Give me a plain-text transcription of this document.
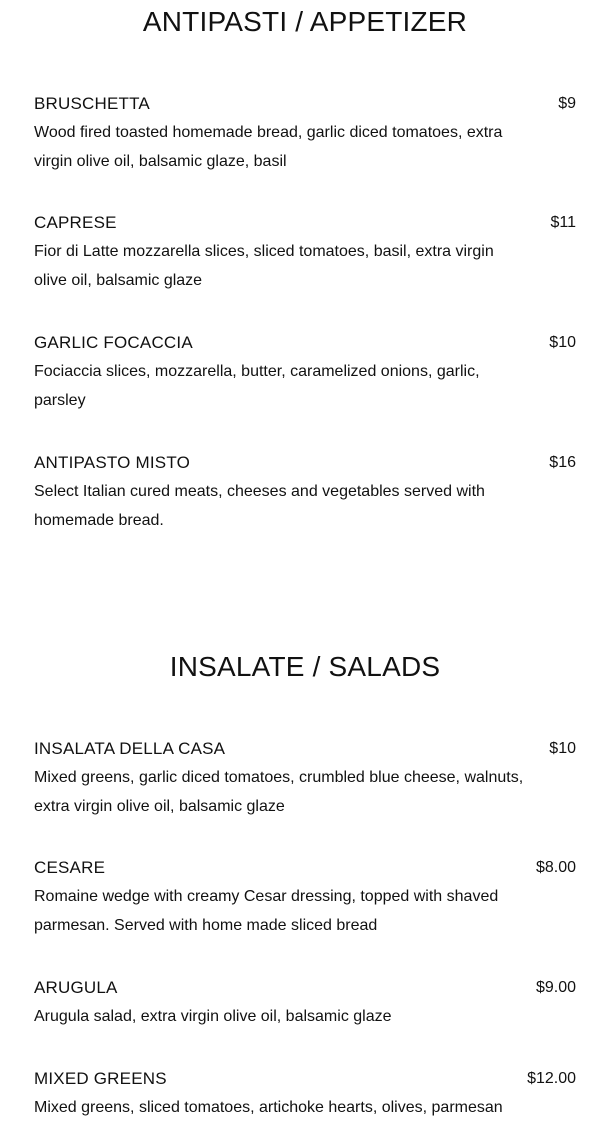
ANTIPASTI / APPETIZER
BRUSCHETTA	$9

Wood fired toasted homemade bread, garlic diced tomatoes, extra virgin olive oil, balsamic glaze, basil

CAPRESE	$11

Fior di Latte mozzarella slices, sliced tomatoes, basil, extra virgin olive oil, balsamic glaze

GARLIC FOCACCIA	$10

Fociaccia slices, mozzarella, butter, caramelized onions, garlic, parsley

ANTIPASTO MISTO	$16

Select Italian cured meats, cheeses and vegetables served with homemade bread.

INSALATE / SALADS
INSALATA DELLA CASA	$10

Mixed greens, garlic diced tomatoes, crumbled blue cheese, walnuts, extra virgin olive oil, balsamic glaze

CESARE	$8.00

Romaine wedge with creamy Cesar dressing, topped with shaved parmesan. Served with home made sliced bread

ARUGULA	$9.00

Arugula salad, extra virgin olive oil, balsamic glaze

MIXED GREENS	$12.00

Mixed greens, sliced tomatoes, artichoke hearts, olives, parmesan
